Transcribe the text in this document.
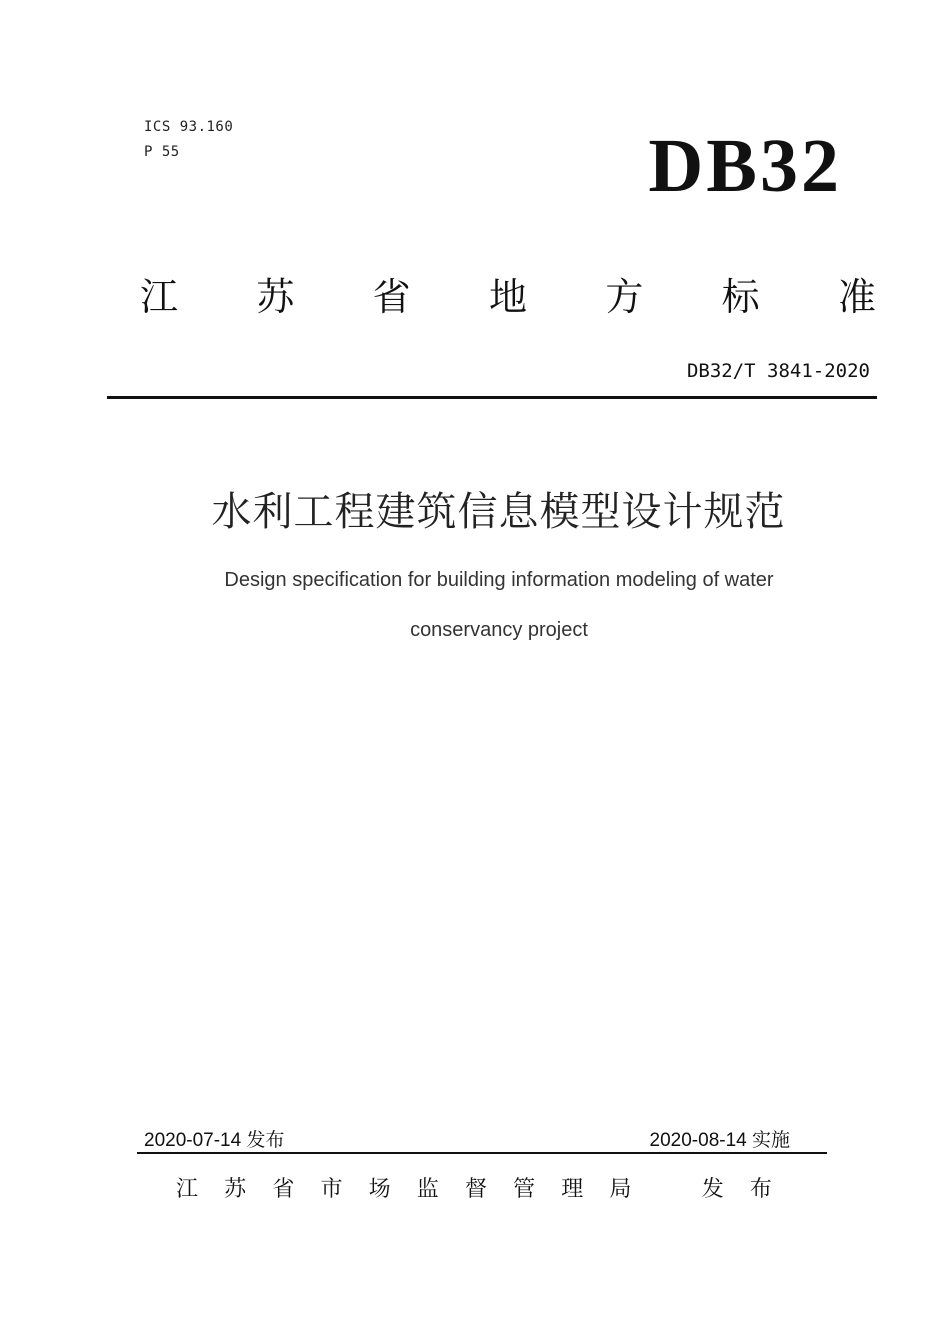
ICS 93.160
P 55	DB32
江 苏 省 地 方 标 准
DB32/T 3841-2020
水利工程建筑信息模型设计规范
Design specification for building information modeling of water
conservancy project
2020-07-14 发布	2020-08-14 实施
江 苏 省 市 场 监 督 管 理 局	发 布
